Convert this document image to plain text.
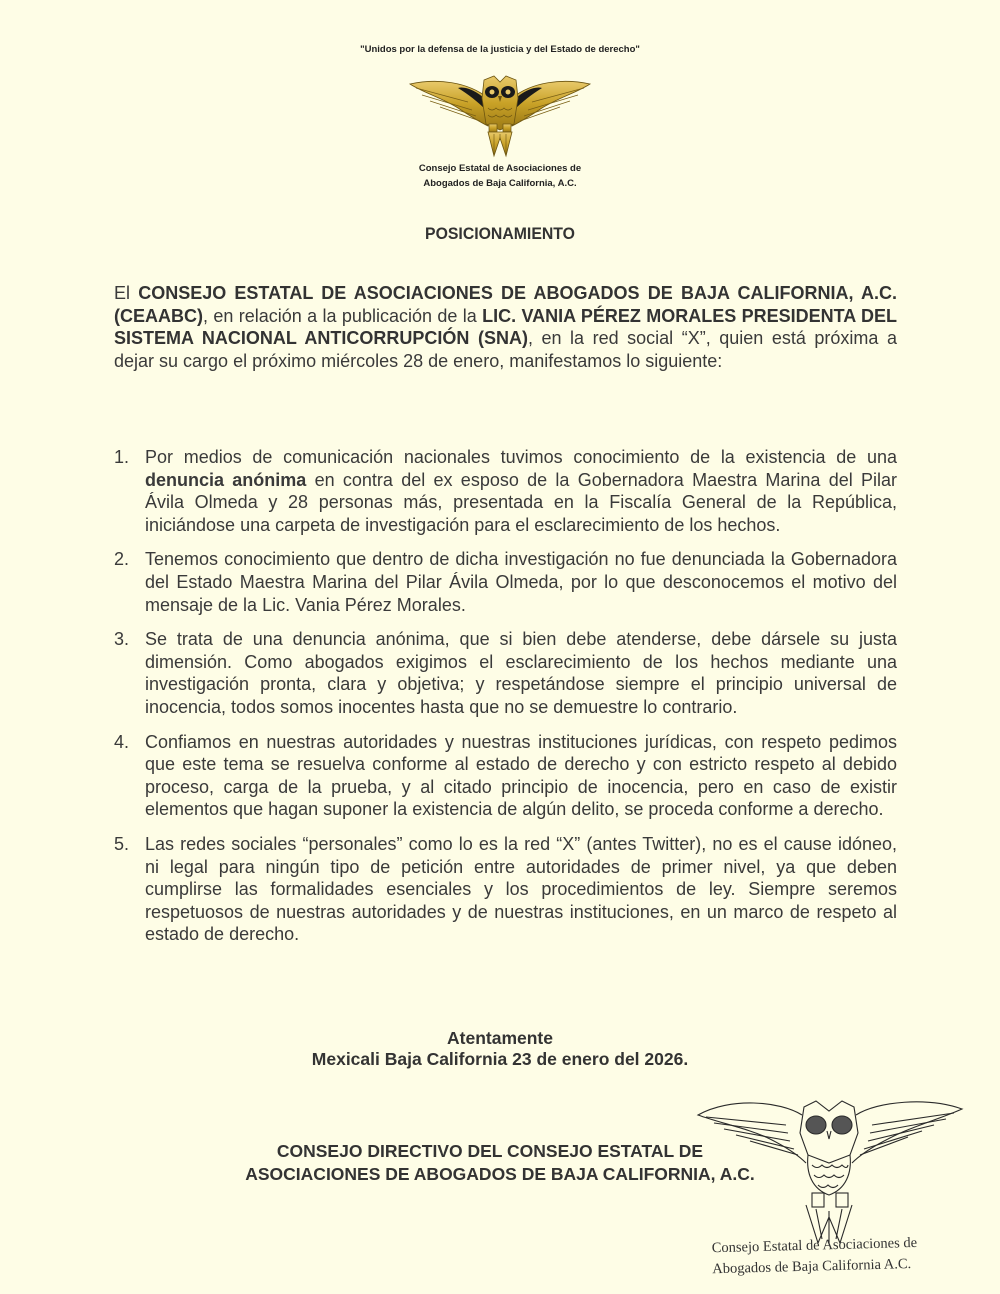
"Unidos por la defensa de la justicia y del Estado de derecho"
Consejo Estatal de Asociaciones de
Abogados de Baja California, A.C.
POSICIONAMIENTO

El CONSEJO ESTATAL DE ASOCIACIONES DE ABOGADOS DE BAJA CALIFORNIA, A.C. (CEAABC), en relación a la publicación de la LIC. VANIA PÉREZ MORALES PRESIDENTA DEL SISTEMA NACIONAL ANTICORRUPCIÓN (SNA), en la red social “X”, quien está próxima a dejar su cargo el próximo miércoles 28 de enero, manifestamos lo siguiente:

1. Por medios de comunicación nacionales tuvimos conocimiento de la existencia de una denuncia anónima en contra del ex esposo de la Gobernadora Maestra Marina del Pilar Ávila Olmeda y 28 personas más, presentada en la Fiscalía General de la República, iniciándose una carpeta de investigación para el esclarecimiento de los hechos.
2. Tenemos conocimiento que dentro de dicha investigación no fue denunciada la Gobernadora del Estado Maestra Marina del Pilar Ávila Olmeda, por lo que desconocemos el motivo del mensaje de la Lic. Vania Pérez Morales.
3. Se trata de una denuncia anónima, que si bien debe atenderse, debe dársele su justa dimensión. Como abogados exigimos el esclarecimiento de los hechos mediante una investigación pronta, clara y objetiva; y respetándose siempre el principio universal de inocencia, todos somos inocentes hasta que no se demuestre lo contrario.
4. Confiamos en nuestras autoridades y nuestras instituciones jurídicas, con respeto pedimos que este tema se resuelva conforme al estado de derecho y con estricto respeto al debido proceso, carga de la prueba, y al citado principio de inocencia, pero en caso de existir elementos que hagan suponer la existencia de algún delito, se proceda conforme a derecho.
5. Las redes sociales “personales” como lo es la red “X” (antes Twitter), no es el cause idóneo, ni legal para ningún tipo de petición entre autoridades de primer nivel, ya que deben cumplirse las formalidades esenciales y los procedimientos de ley. Siempre seremos respetuosos de nuestras autoridades y de nuestras instituciones, en un marco de respeto al estado de derecho.
Atentamente
Mexicali Baja California 23 de enero del 2026.
CONSEJO DIRECTIVO DEL CONSEJO ESTATAL DE
ASOCIACIONES DE ABOGADOS DE BAJA CALIFORNIA, A.C.
Consejo Estatal de Asociaciones de
Abogados de Baja California A.C.
